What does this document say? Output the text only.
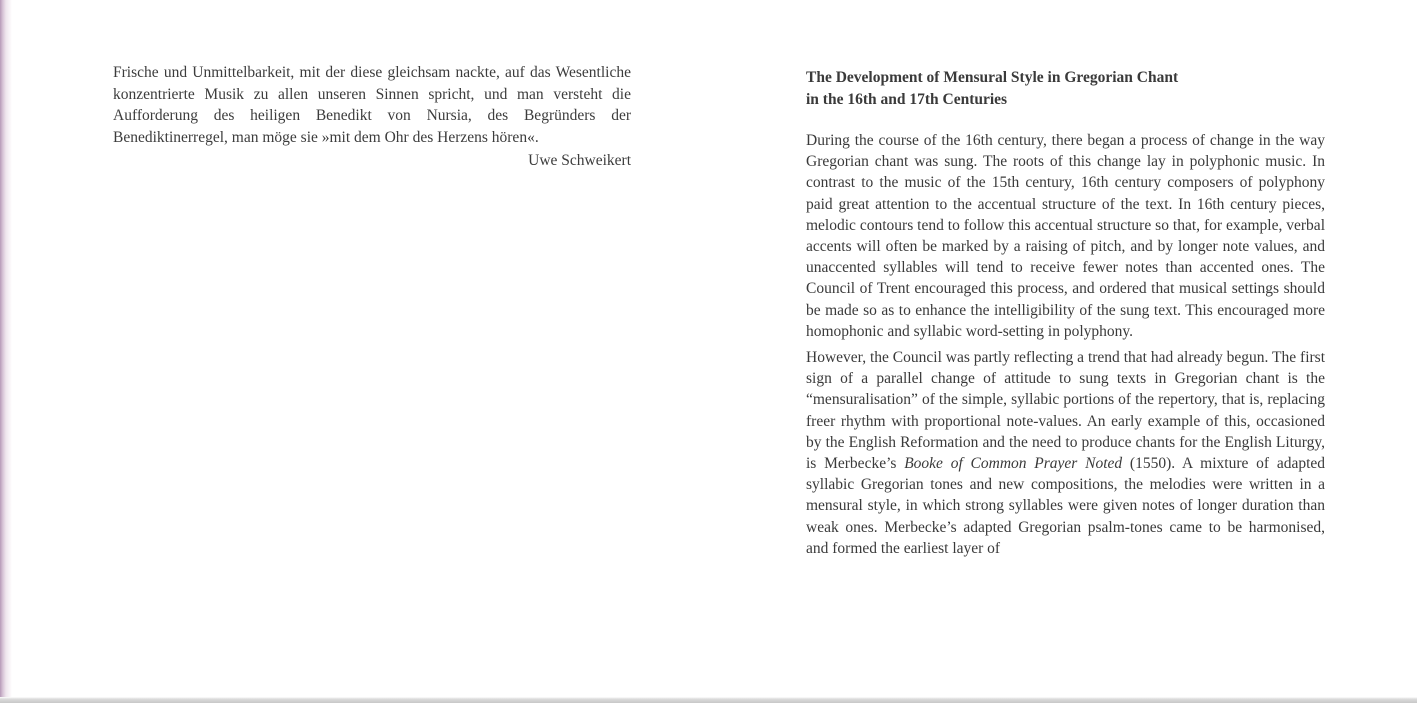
Frische und Unmittelbarkeit, mit der diese gleichsam nackte, auf das Wesentliche konzentrierte Musik zu allen unseren Sinnen spricht, und man versteht die Aufforderung des heiligen Benedikt von Nursia, des Begründers der Benediktinerregel, man möge sie »mit dem Ohr des Herzens hören«.

Uwe Schweikert
The Development of Mensural Style in Gregorian Chant
in the 16th and 17th Centuries

During the course of the 16th century, there began a process of change in the way Gregorian chant was sung. The roots of this change lay in polyphonic music. In contrast to the music of the 15th century, 16th century composers of polyphony paid great attention to the accentual structure of the text. In 16th century pieces, melodic contours tend to follow this accentual structure so that, for example, verbal accents will often be marked by a raising of pitch, and by longer note values, and unaccented syllables will tend to receive fewer notes than accented ones. The Council of Trent encouraged this process, and ordered that musical settings should be made so as to enhance the intelligibility of the sung text. This encouraged more homophonic and syllabic word-setting in polyphony.

However, the Council was partly reflecting a trend that had already begun. The first sign of a parallel change of attitude to sung texts in Gregorian chant is the “mensuralisation” of the simple, syllabic portions of the repertory, that is, replacing freer rhythm with proportional note-values. An early example of this, occasioned by the English Reformation and the need to produce chants for the English Liturgy, is Merbecke’s Booke of Common Prayer Noted (1550). A mixture of adapted syllabic Gregorian tones and new compositions, the melodies were written in a mensural style, in which strong syllables were given notes of longer duration than weak ones. Merbecke’s adapted Gregorian psalm-tones came to be harmonised, and formed the earliest layer of
